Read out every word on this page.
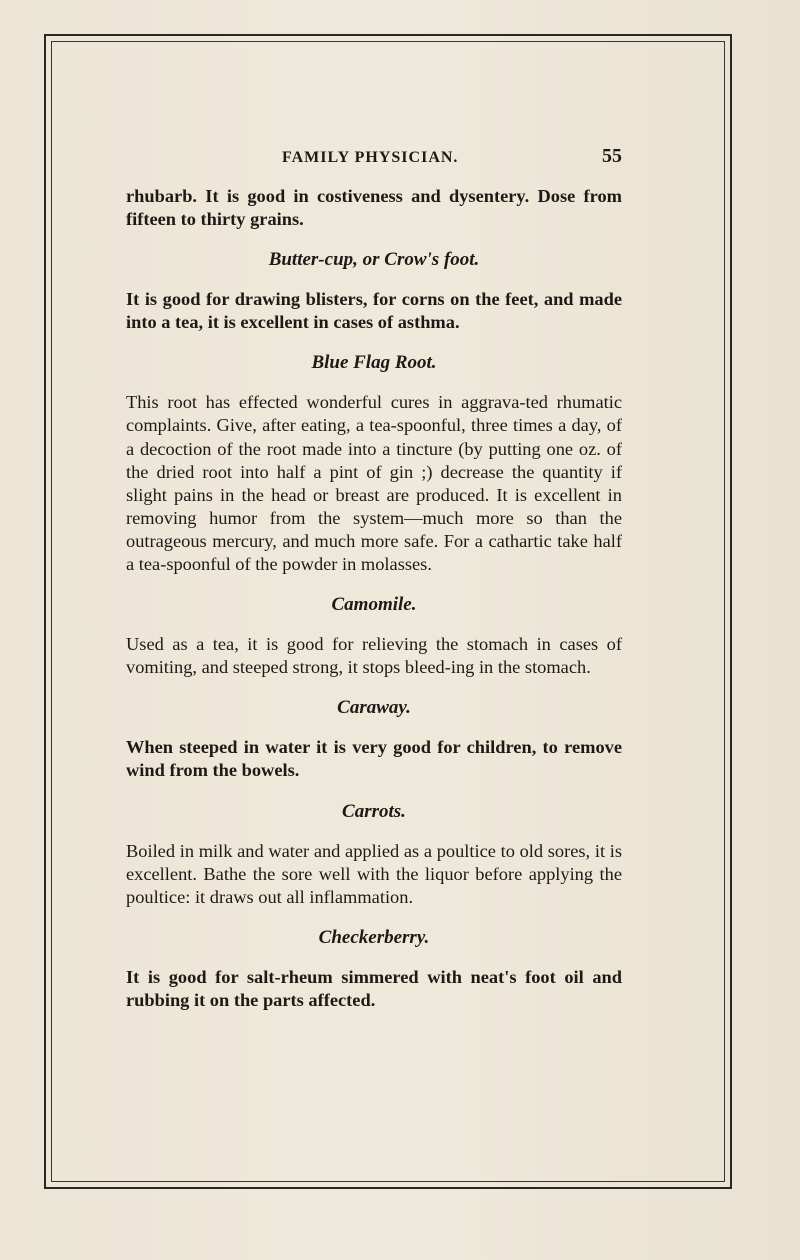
FAMILY PHYSICIAN.	55

rhubarb. It is good in costiveness and dysentery. Dose from fifteen to thirty grains.

Butter-cup, or Crow's foot.

It is good for drawing blisters, for corns on the feet, and made into a tea, it is excellent in cases of asthma.

Blue Flag Root.

This root has effected wonderful cures in aggrava-ted rhumatic complaints. Give, after eating, a tea-spoonful, three times a day, of a decoction of the root made into a tincture (by putting one oz. of the dried root into half a pint of gin ;) decrease the quantity if slight pains in the head or breast are produced. It is excellent in removing humor from the system—much more so than the outrageous mercury, and much more safe. For a cathartic take half a tea-spoonful of the powder in molasses.

Camomile.

Used as a tea, it is good for relieving the stomach in cases of vomiting, and steeped strong, it stops bleed-ing in the stomach.

Caraway.

When steeped in water it is very good for children, to remove wind from the bowels.

Carrots.

Boiled in milk and water and applied as a poultice to old sores, it is excellent. Bathe the sore well with the liquor before applying the poultice: it draws out all inflammation.

Checkerberry.

It is good for salt-rheum simmered with neat's foot oil and rubbing it on the parts affected.
